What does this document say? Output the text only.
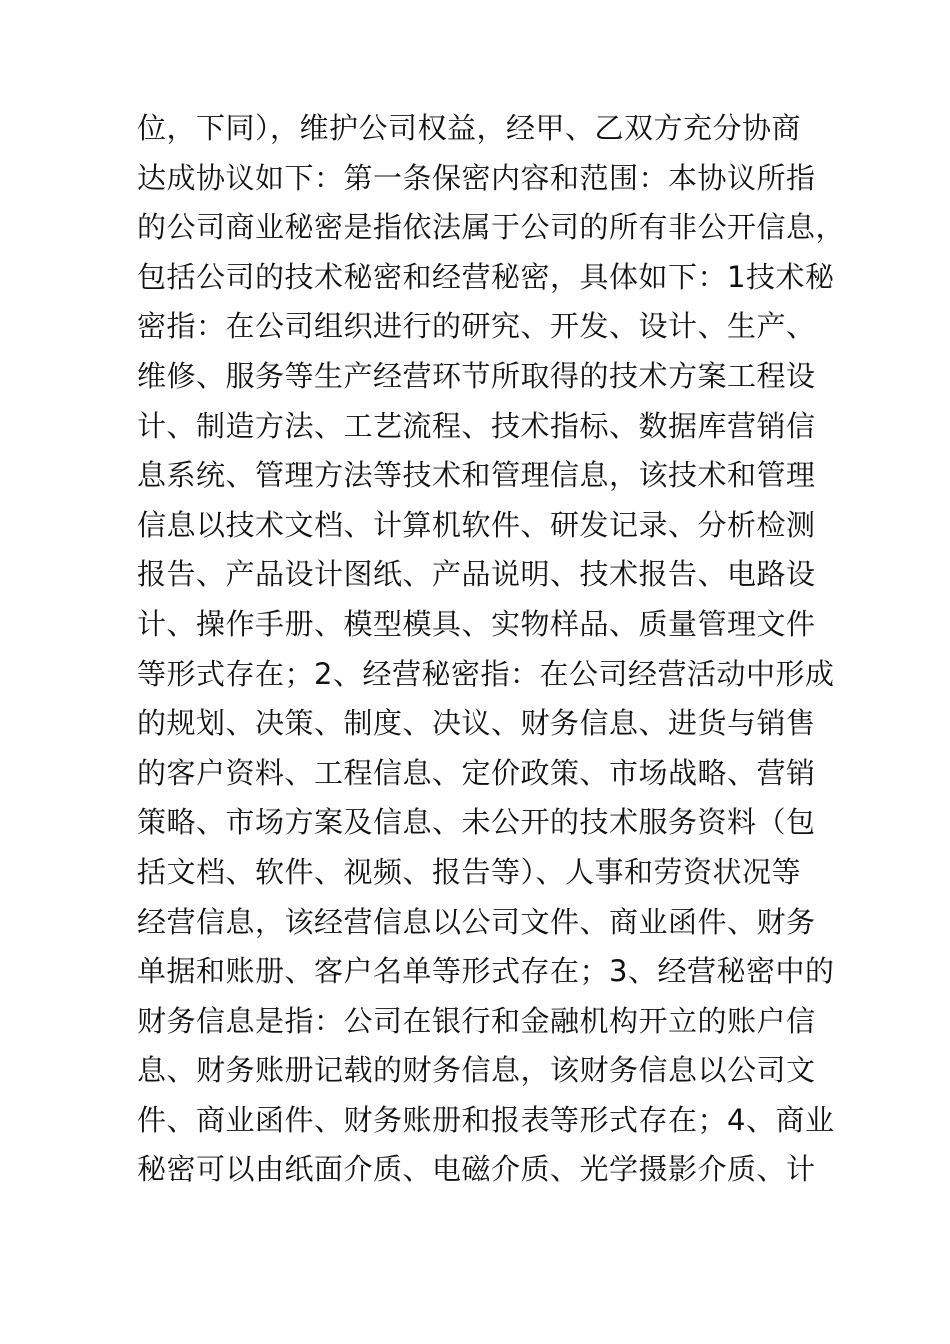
位，下同），维护公司权益，经甲、乙双方充分协商
达成协议如下：第一条保密内容和范围：本协议所指
的公司商业秘密是指依法属于公司的所有非公开信息，
包括公司的技术秘密和经营秘密，具体如下：1技术秘
密指：在公司组织进行的研究、开发、设计、生产、
维修、服务等生产经营环节所取得的技术方案工程设
计、制造方法、工艺流程、技术指标、数据库营销信
息系统、管理方法等技术和管理信息，该技术和管理
信息以技术文档、计算机软件、研发记录、分析检测
报告、产品设计图纸、产品说明、技术报告、电路设
计、操作手册、模型模具、实物样品、质量管理文件
等形式存在；2、经营秘密指：在公司经营活动中形成
的规划、决策、制度、决议、财务信息、进货与销售
的客户资料、工程信息、定价政策、市场战略、营销
策略、市场方案及信息、未公开的技术服务资料（包
括文档、软件、视频、报告等）、人事和劳资状况等
经营信息，该经营信息以公司文件、商业函件、财务
单据和账册、客户名单等形式存在；3、经营秘密中的
财务信息是指：公司在银行和金融机构开立的账户信
息、财务账册记载的财务信息，该财务信息以公司文
件、商业函件、财务账册和报表等形式存在；4、商业
秘密可以由纸面介质、电磁介质、光学摄影介质、计
